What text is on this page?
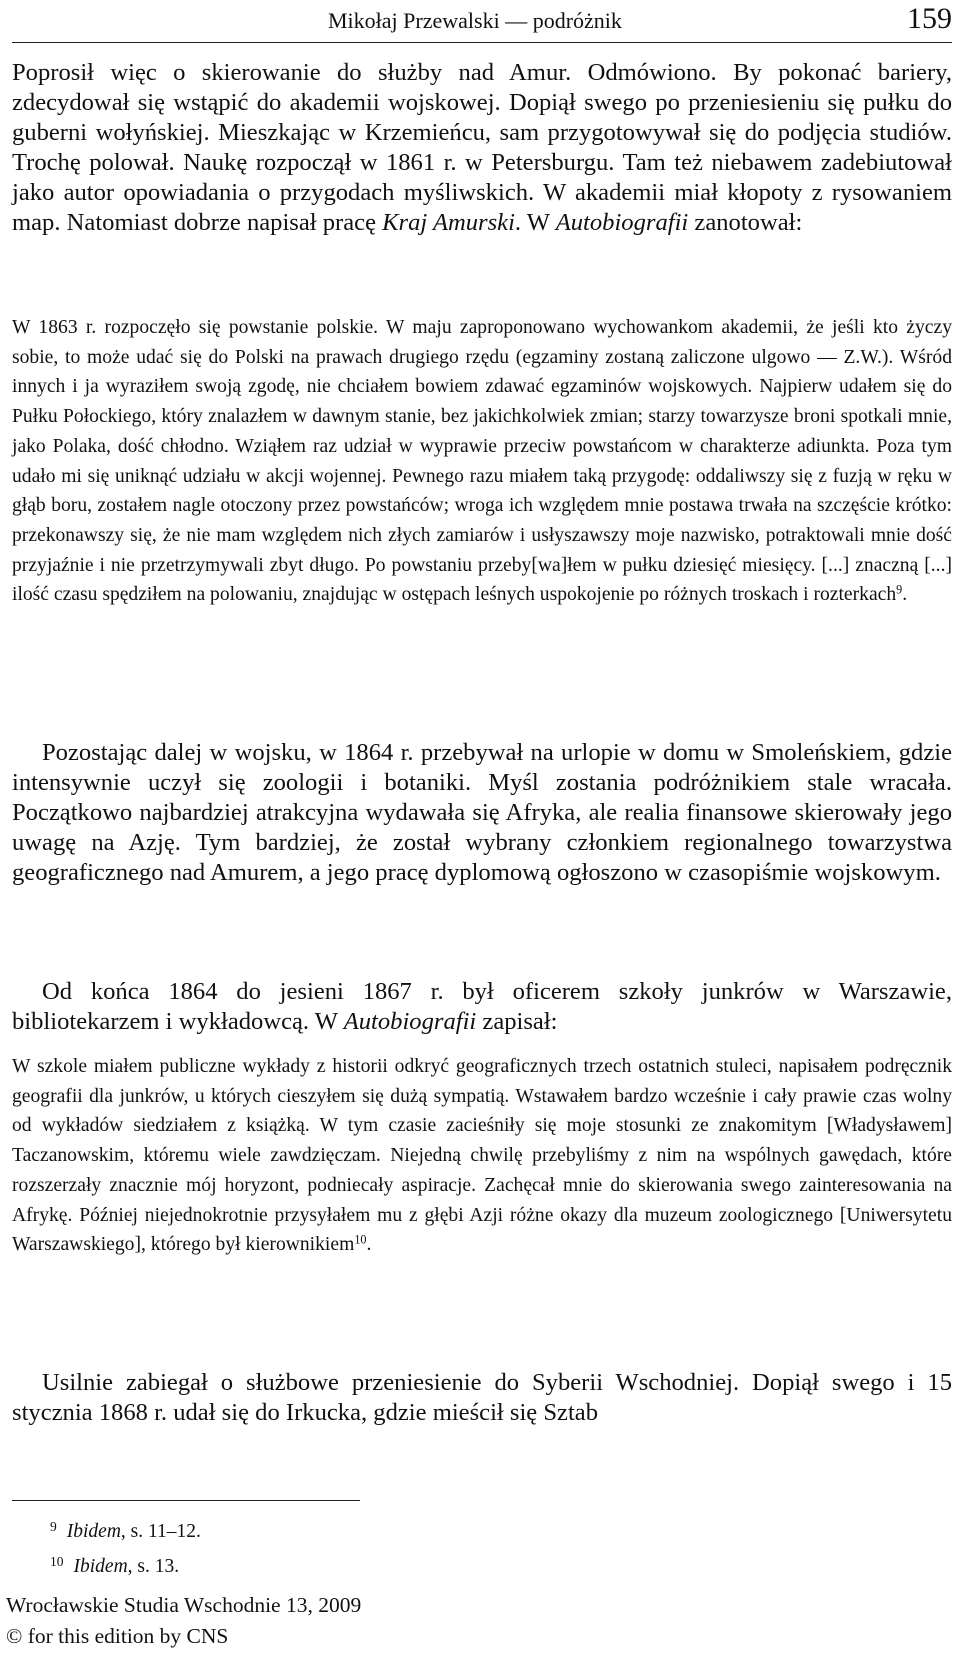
Mikołaj Przewalski — podróżnik	159

Poprosił więc o skierowanie do służby nad Amur. Odmówiono. By pokonać bariery, zdecydował się wstąpić do akademii wojskowej. Dopiął swego po przeniesieniu się pułku do guberni wołyńskiej. Mieszkając w Krzemieńcu, sam przygotowywał się do podjęcia studiów. Trochę polował. Naukę rozpoczął w 1861 r. w Petersburgu. Tam też niebawem zadebiutował jako autor opowiadania o przygodach myśliwskich. W akademii miał kłopoty z rysowaniem map. Natomiast dobrze napisał pracę Kraj Amurski. W Autobiografii zanotował:

W 1863 r. rozpoczęło się powstanie polskie. W maju zaproponowano wychowankom akademii, że jeśli kto życzy sobie, to może udać się do Polski na prawach drugiego rzędu (egzaminy zostaną zaliczone ulgowo — Z.W.). Wśród innych i ja wyraziłem swoją zgodę, nie chciałem bowiem zdawać egzaminów wojskowych. Najpierw udałem się do Pułku Połockiego, który znalazłem w dawnym stanie, bez jakichkolwiek zmian; starzy towarzysze broni spotkali mnie, jako Polaka, dość chłodno. Wziąłem raz udział w wyprawie przeciw powstańcom w charakterze adiunkta. Poza tym udało mi się uniknąć udziału w akcji wojennej. Pewnego razu miałem taką przygodę: oddaliwszy się z fuzją w ręku w głąb boru, zostałem nagle otoczony przez powstańców; wroga ich względem mnie postawa trwała na szczęście krótko: przekonawszy się, że nie mam względem nich złych zamiarów i usłyszawszy moje nazwisko, potraktowali mnie dość przyjaźnie i nie przetrzymywali zbyt długo. Po powstaniu przeby[wa]łem w pułku dziesięć miesięcy. [...] znaczną [...] ilość czasu spędziłem na polowaniu, znajdując w ostępach leśnych uspokojenie po różnych troskach i rozterkach$^9$.

Pozostając dalej w wojsku, w 1864 r. przebywał na urlopie w domu w Smoleńskiem, gdzie intensywnie uczył się zoologii i botaniki. Myśl zostania podróżnikiem stale wracała. Początkowo najbardziej atrakcyjna wydawała się Afryka, ale realia finansowe skierowały jego uwagę na Azję. Tym bardziej, że został wybrany członkiem regionalnego towarzystwa geograficznego nad Amurem, a jego pracę dyplomową ogłoszono w czasopiśmie wojskowym.

Od końca 1864 do jesieni 1867 r. był oficerem szkoły junkrów w Warszawie, bibliotekarzem i wykładowcą. W Autobiografii zapisał:

W szkole miałem publiczne wykłady z historii odkryć geograficznych trzech ostatnich stuleci, napisałem podręcznik geografii dla junkrów, u których cieszyłem się dużą sympatią. Wstawałem bardzo wcześnie i cały prawie czas wolny od wykładów siedziałem z książką. W tym czasie zacieśniły się moje stosunki ze znakomitym [Władysławem] Taczanowskim, któremu wiele zawdzięczam. Niejedną chwilę przebyliśmy z nim na wspólnych gawędach, które rozszerzały znacznie mój horyzont, podniecały aspiracje. Zachęcał mnie do skierowania swego zainteresowania na Afrykę. Później niejednokrotnie przysyłałem mu z głębi Azji różne okazy dla muzeum zoologicznego [Uniwersytetu Warszawskiego], którego był kierownikiem$^{10}$.

Usilnie zabiegał o służbowe przeniesienie do Syberii Wschodniej. Dopiął swego i 15 stycznia 1868 r. udał się do Irkucka, gdzie mieścił się Sztab

$^9$ Ibidem, s. 11–12.
$^{10}$ Ibidem, s. 13.
Wrocławskie Studia Wschodnie 13, 2009
© for this edition by CNS
